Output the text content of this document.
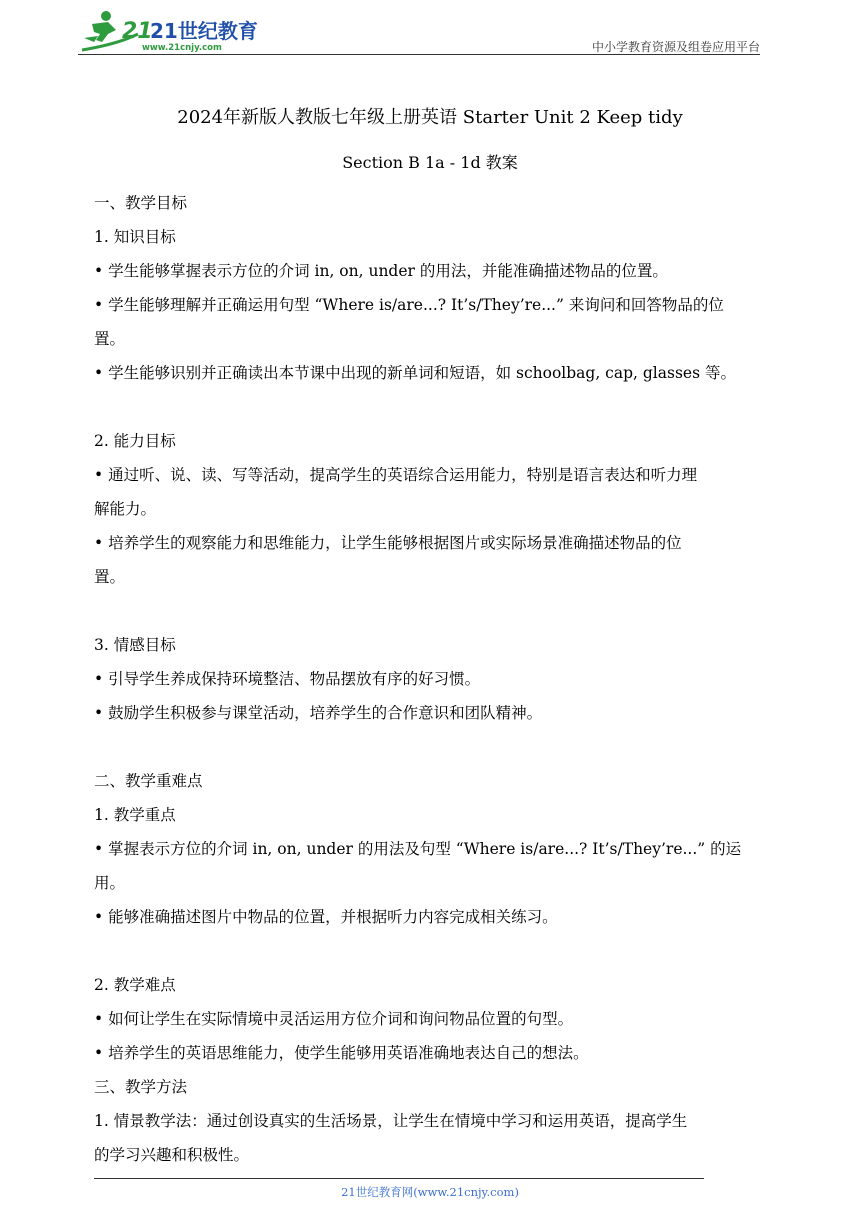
21
21世纪教育
www.21cnjy.com	中小学教育资源及组卷应用平台
2024年新版人教版七年级上册英语 Starter Unit 2 Keep tidy
Section B 1a - 1d 教案
一、教学目标
1. 知识目标
• 学生能够掌握表示方位的介词 in, on, under 的用法，并能准确描述物品的位置。
• 学生能够理解并正确运用句型 “Where is/are...? It’s/They’re...” 来询问和回答物品的位
置。
• 学生能够识别并正确读出本节课中出现的新单词和短语，如 schoolbag, cap, glasses 等。
2. 能力目标
• 通过听、说、读、写等活动，提高学生的英语综合运用能力，特别是语言表达和听力理
解能力。
• 培养学生的观察能力和思维能力，让学生能够根据图片或实际场景准确描述物品的位
置。
3. 情感目标
• 引导学生养成保持环境整洁、物品摆放有序的好习惯。
• 鼓励学生积极参与课堂活动，培养学生的合作意识和团队精神。
二、教学重难点
1. 教学重点
• 掌握表示方位的介词 in, on, under 的用法及句型 “Where is/are...? It’s/They’re...” 的运用。
• 能够准确描述图片中物品的位置，并根据听力内容完成相关练习。
2. 教学难点
• 如何让学生在实际情境中灵活运用方位介词和询问物品位置的句型。
• 培养学生的英语思维能力，使学生能够用英语准确地表达自己的想法。
三、教学方法
1. 情景教学法：通过创设真实的生活场景，让学生在情境中学习和运用英语，提高学生
的学习兴趣和积极性。
21世纪教育网(www.21cnjy.com)
